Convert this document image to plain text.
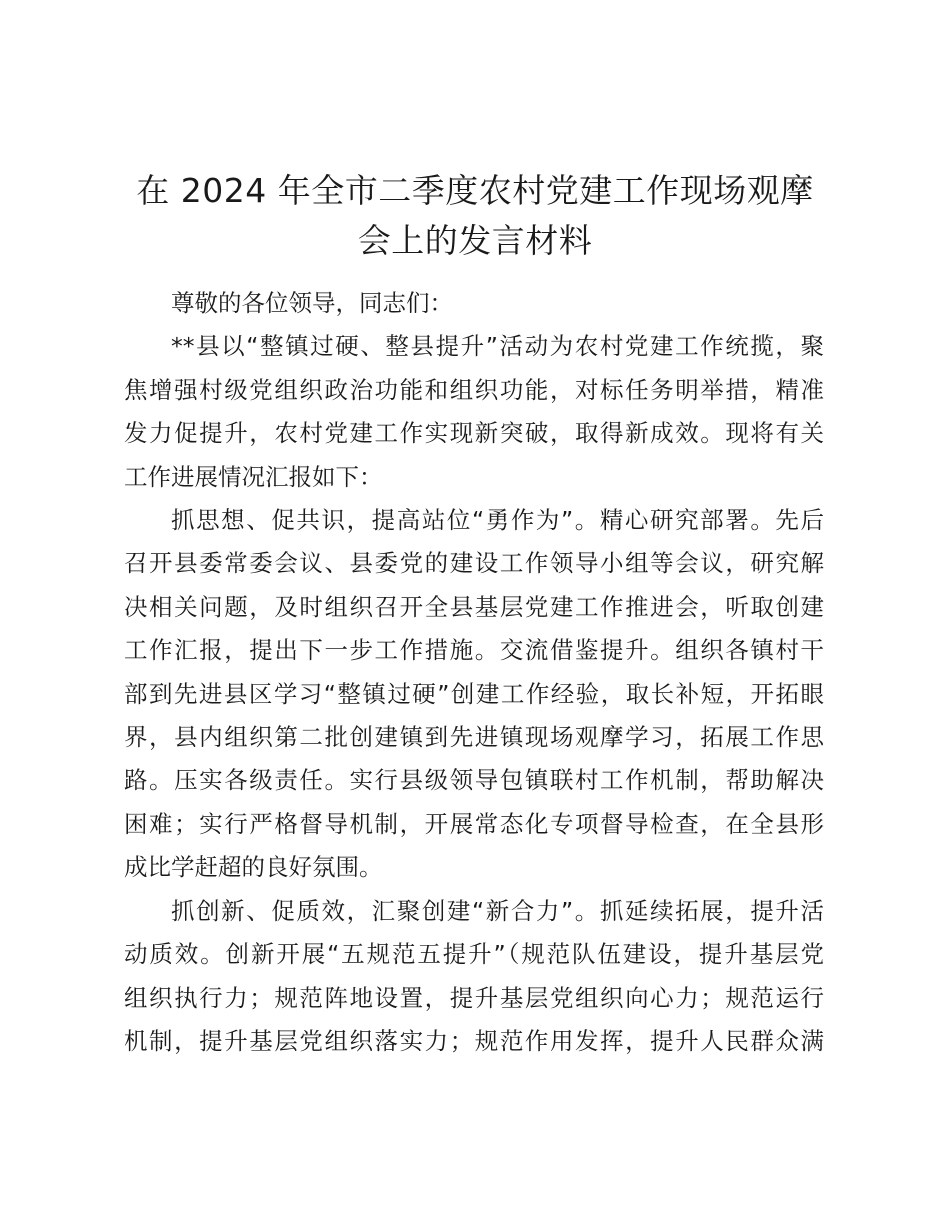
在 2024 年全市二季度农村党建工作现场观摩
会上的发言材料

尊敬的各位领导，同志们：

**县以“整镇过硬、整县提升”活动为农村党建工作统揽，聚
焦增强村级党组织政治功能和组织功能，对标任务明举措，精准
发力促提升，农村党建工作实现新突破，取得新成效。现将有关
工作进展情况汇报如下：
抓思想、促共识，提高站位“勇作为”。精心研究部署。先后
召开县委常委会议、县委党的建设工作领导小组等会议，研究解
决相关问题，及时组织召开全县基层党建工作推进会，听取创建
工作汇报，提出下一步工作措施。交流借鉴提升。组织各镇村干
部到先进县区学习“整镇过硬”创建工作经验，取长补短，开拓眼
界，县内组织第二批创建镇到先进镇现场观摩学习，拓展工作思
路。压实各级责任。实行县级领导包镇联村工作机制，帮助解决
困难；实行严格督导机制，开展常态化专项督导检查，在全县形
成比学赶超的良好氛围。
抓创新、促质效，汇聚创建“新合力”。抓延续拓展，提升活
动质效。创新开展“五规范五提升”（规范队伍建设，提升基层党
组织执行力；规范阵地设置，提升基层党组织向心力；规范运行
机制，提升基层党组织落实力；规范作用发挥，提升人民群众满
